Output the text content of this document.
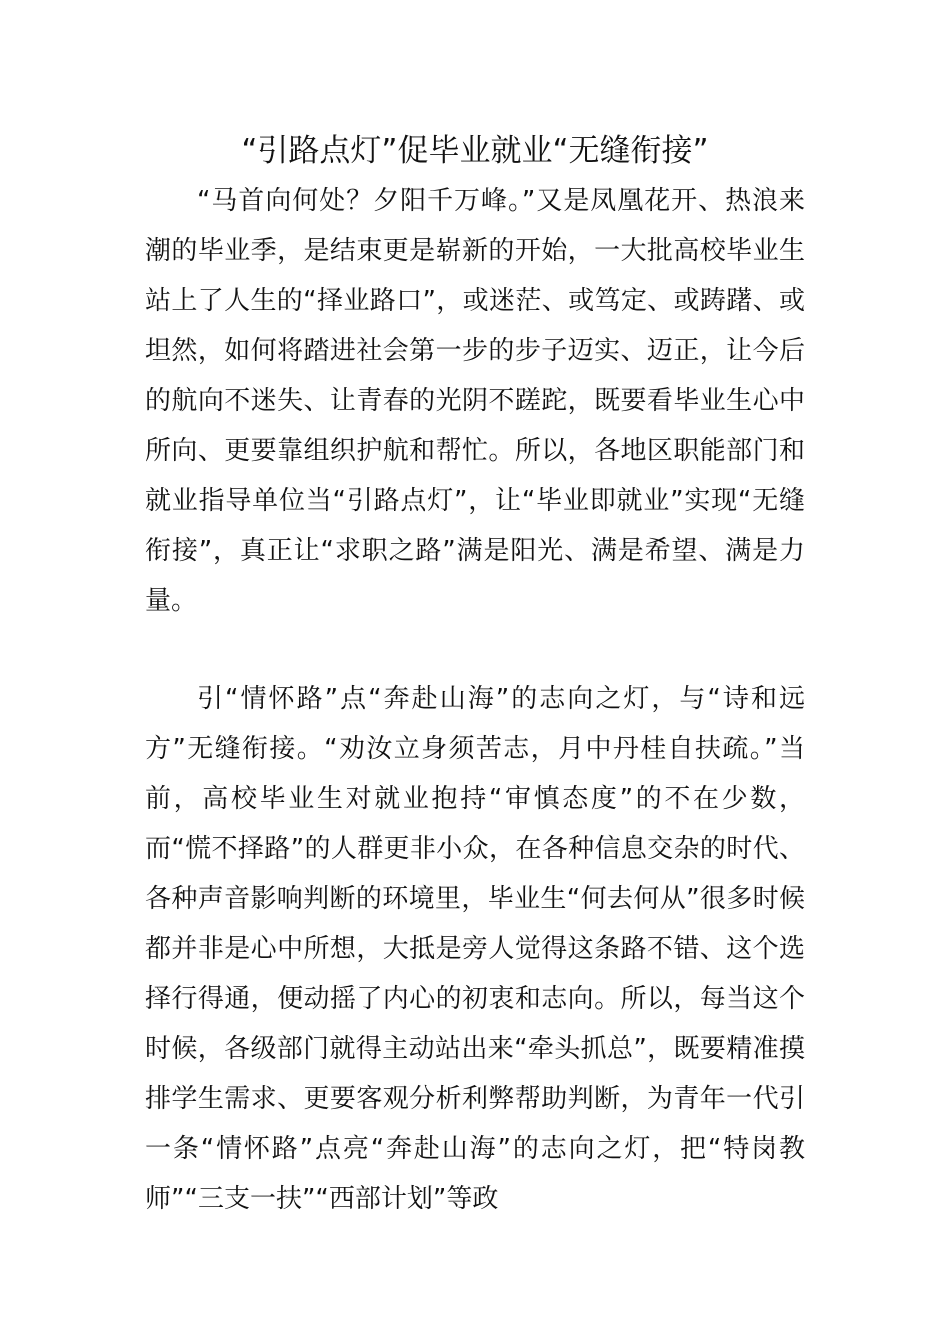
“引路点灯”促毕业就业“无缝衔接”

“马首向何处？夕阳千万峰。”又是凤凰花开、热浪来潮的毕业季，是结束更是崭新的开始，一大批高校毕业生站上了人生的“择业路口”，或迷茫、或笃定、或踌躇、或坦然，如何将踏进社会第一步的步子迈实、迈正，让今后的航向不迷失、让青春的光阴不蹉跎，既要看毕业生心中所向、更要靠组织护航和帮忙。所以，各地区职能部门和就业指导单位当“引路点灯”，让“毕业即就业”实现“无缝衔接”，真正让“求职之路”满是阳光、满是希望、满是力量。

引“情怀路”点“奔赴山海”的志向之灯，与“诗和远方”无缝衔接。“劝汝立身须苦志，月中丹桂自扶疏。”当前，高校毕业生对就业抱持“审慎态度”的不在少数，而“慌不择路”的人群更非小众，在各种信息交杂的时代、各种声音影响判断的环境里，毕业生“何去何从”很多时候都并非是心中所想，大抵是旁人觉得这条路不错、这个选择行得通，便动摇了内心的初衷和志向。所以，每当这个时候，各级部门就得主动站出来“牵头抓总”，既要精准摸排学生需求、更要客观分析利弊帮助判断，为青年一代引一条“情怀路”点亮“奔赴山海”的志向之灯，把“特岗教师”“三支一扶”“西部计划”等政
